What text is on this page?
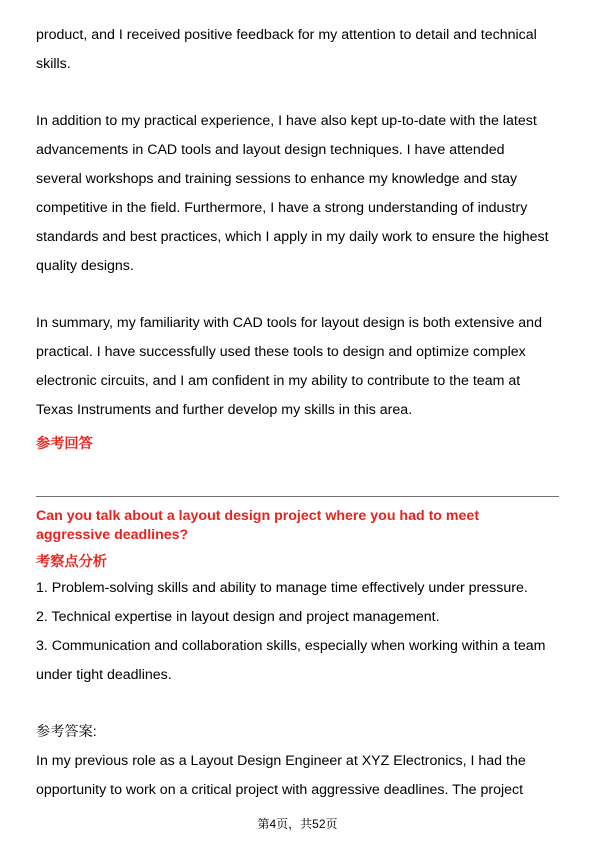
product, and I received positive feedback for my attention to detail and technical

skills.

In addition to my practical experience, I have also kept up-to-date with the latest

advancements in CAD tools and layout design techniques. I have attended

several workshops and training sessions to enhance my knowledge and stay

competitive in the field. Furthermore, I have a strong understanding of industry

standards and best practices, which I apply in my daily work to ensure the highest

quality designs.

In summary, my familiarity with CAD tools for layout design is both extensive and

practical. I have successfully used these tools to design and optimize complex

electronic circuits, and I am confident in my ability to contribute to the team at

Texas Instruments and further develop my skills in this area.

参考回答

Can you talk about a layout design project where you had to meet

aggressive deadlines?

考察点分析

1. Problem-solving skills and ability to manage time effectively under pressure.

2. Technical expertise in layout design and project management.

3. Communication and collaboration skills, especially when working within a team

under tight deadlines.

参考答案:

In my previous role as a Layout Design Engineer at XYZ Electronics, I had the

opportunity to work on a critical project with aggressive deadlines. The project

第4页，共52页
